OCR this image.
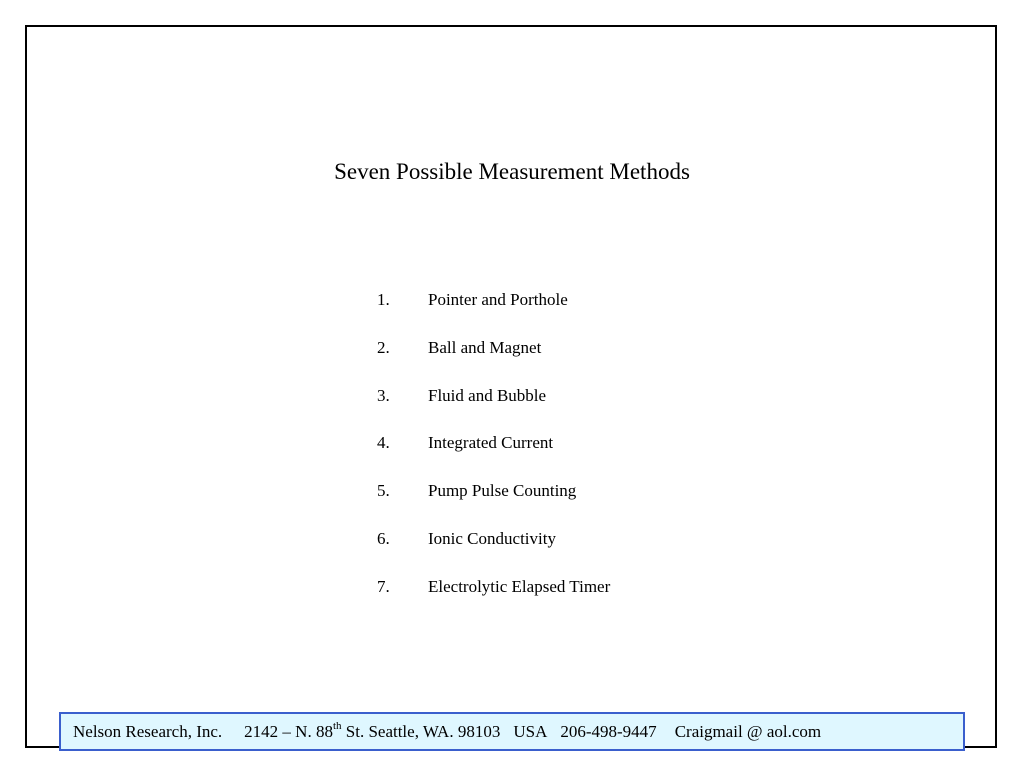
Seven Possible Measurement Methods
1. Pointer and Porthole
2. Ball and Magnet
3. Fluid and Bubble
4. Integrated Current
5. Pump Pulse Counting
6. Ionic Conductivity
7. Electrolytic Elapsed Timer
Nelson Research, Inc. 2142 – N. 88th St. Seattle, WA. 98103 USA 206-498-9447 Craigmail @ aol.com
